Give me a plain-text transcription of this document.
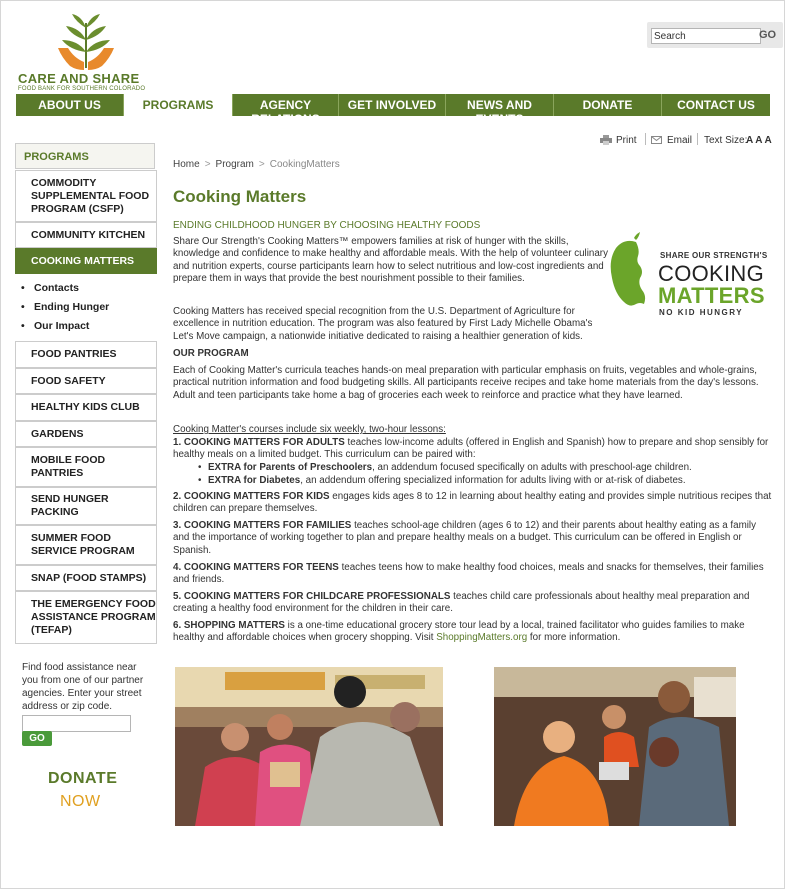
CARE AND SHARE
FOOD BANK FOR SOUTHERN COLORADO
Search
GO
ABOUT US	PROGRAMS	AGENCY RELATIONS
GET INVOLVED	NEWS AND EVENTS
DONATE	CONTACT US
Print	Email Text Size:
A A A
PROGRAMS
COMMODITY SUPPLEMENTAL FOOD PROGRAM (CSFP)
COMMUNITY KITCHEN
COOKING MATTERS
• Contacts
• Ending Hunger
• Our Impact
FOOD PANTRIES
FOOD SAFETY
HEALTHY KIDS CLUB
GARDENS
MOBILE FOOD PANTRIES
SEND HUNGER PACKING
SUMMER FOOD SERVICE PROGRAM
SNAP (FOOD STAMPS)
THE EMERGENCY FOOD ASSISTANCE PROGRAM (TEFAP)
Find food assistance near you from one of our partner agencies. Enter your street address or zip code.
GO
DONATE
NOW
Home > Program > CookingMatters
Cooking Matters
ENDING CHILDHOOD HUNGER BY CHOOSING HEALTHY FOODS
Share Our Strength's Cooking Matters™ empowers families at risk of hunger with the skills, knowledge and confidence to make healthy and affordable meals. With the help of volunteer culinary and nutrition experts, course participants learn how to select nutritious and low-cost ingredients and prepare them in ways that provide the best nourishment possible to their families.
SHARE OUR STRENGTH'S
COOKING
MATTERS
NO KID HUNGRY
Cooking Matters has received special recognition from the U.S. Department of Agriculture for excellence in nutrition education. The program was also featured by First Lady Michelle Obama's Let's Move campaign, a nationwide initiative dedicated to raising a healthier generation of kids.
OUR PROGRAM
Each of Cooking Matter's curricula teaches hands-on meal preparation with particular emphasis on fruits, vegetables and whole-grains, practical nutrition information and food budgeting skills. All participants receive recipes and take home materials from the day's lessons. Adult and teen participants take home a bag of groceries each week to reinforce and practice what they have learned.
Cooking Matter's courses include six weekly, two-hour lessons:
1. COOKING MATTERS FOR ADULTS teaches low-income adults (offered in English and Spanish) how to prepare and shop sensibly for healthy meals on a limited budget. This curriculum can be paired with:
• EXTRA for Parents of Preschoolers, an addendum focused specifically on adults with preschool-age children.
• EXTRA for Diabetes, an addendum offering specialized information for adults living with or at-risk of diabetes.
2. COOKING MATTERS FOR KIDS engages kids ages 8 to 12 in learning about healthy eating and provides simple nutritious recipes that children can prepare themselves.
3. COOKING MATTERS FOR FAMILIES teaches school-age children (ages 6 to 12) and their parents about healthy eating as a family and the importance of working together to plan and prepare healthy meals on a budget. This curriculum can be offered in English or Spanish.
4. COOKING MATTERS FOR TEENS teaches teens how to make healthy food choices, meals and snacks for themselves, their families and friends.
5. COOKING MATTERS FOR CHILDCARE PROFESSIONALS teaches child care professionals about healthy meal preparation and creating a healthy food environment for the children in their care.
6. SHOPPING MATTERS is a one-time educational grocery store tour lead by a local, trained facilitator who guides families to make healthy and affordable choices when grocery shopping. Visit ShoppingMatters.org for more information.
